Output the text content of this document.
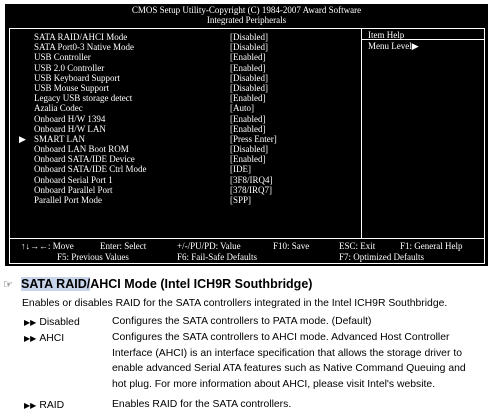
CMOS Setup Utility-Copyright (C) 1984-2007 Award Software
Integrated Peripherals
SATA RAID/AHCI Mode	[Disabled]
SATA Port0-3 Native Mode	[Disabled]
USB Controller	[Enabled]
USB 2.0 Controller	[Enabled]
USB Keyboard Support	[Disabled]
USB Mouse Support	[Disabled]
Legacy USB storage detect	[Enabled]
Azalia Codec	[Auto]
Onboard H/W 1394	[Enabled]
Onboard H/W LAN	[Enabled]
▶ SMART LAN	[Press Enter]
Onboard LAN Boot ROM	[Disabled]
Onboard SATA/IDE Device	[Enabled]
Onboard SATA/IDE Ctrl Mode	[IDE]
Onboard Serial Port 1	[3F8/IRQ4]
Onboard Parallel Port	[378/IRQ7]
Parallel Port Mode	[SPP]
Item Help
Menu Level▶
↑↓→←: Move	Enter: Select	+/-/PU/PD: Value	F10: Save	ESC: Exit	F1: General Help
F5: Previous Values	F6: Fail-Safe Defaults	F7: Optimized Defaults
☞ SATA RAID/AHCI Mode (Intel ICH9R Southbridge)
Enables or disables RAID for the SATA controllers integrated in the Intel ICH9R Southbridge.
▶▶ Disabled	Configures the SATA controllers to PATA mode. (Default)
▶▶ AHCI	Configures the SATA controllers to AHCI mode. Advanced Host Controller
Interface (AHCI) is an interface specification that allows the storage driver to
enable advanced Serial ATA features such as Native Command Queuing and
hot plug. For more information about AHCI, please visit Intel's website.
▶▶ RAID	Enables RAID for the SATA controllers.
